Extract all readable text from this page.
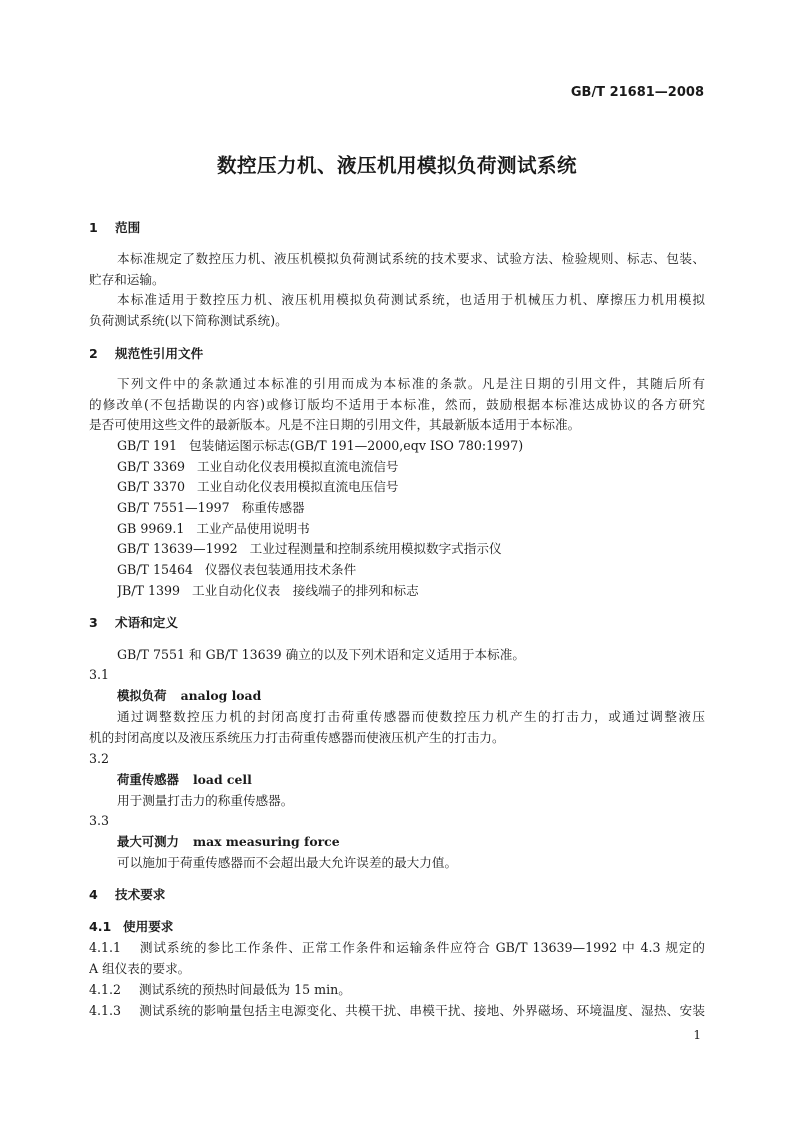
GB/T 21681—2008
数控压力机、液压机用模拟负荷测试系统
1 范围
本标准规定了数控压力机、液压机模拟负荷测试系统的技术要求、试验方法、检验规则、标志、包装、
贮存和运输。
本标准适用于数控压力机、液压机用模拟负荷测试系统，也适用于机械压力机、摩擦压力机用模拟
负荷测试系统(以下简称测试系统)。
2 规范性引用文件
下列文件中的条款通过本标准的引用而成为本标准的条款。凡是注日期的引用文件，其随后所有
的修改单(不包括勘误的内容)或修订版均不适用于本标准，然而，鼓励根据本标准达成协议的各方研究
是否可使用这些文件的最新版本。凡是不注日期的引用文件，其最新版本适用于本标准。
GB/T 191 包装储运图示标志(GB/T 191—2000,eqv ISO 780:1997)
GB/T 3369 工业自动化仪表用模拟直流电流信号
GB/T 3370 工业自动化仪表用模拟直流电压信号
GB/T 7551—1997 称重传感器
GB 9969.1 工业产品使用说明书
GB/T 13639—1992 工业过程测量和控制系统用模拟数字式指示仪
GB/T 15464 仪器仪表包装通用技术条件
JB/T 1399 工业自动化仪表　接线端子的排列和标志
3 术语和定义
GB/T 7551 和 GB/T 13639 确立的以及下列术语和定义适用于本标准。
3.1
模拟负荷 analog load
通过调整数控压力机的封闭高度打击荷重传感器而使数控压力机产生的打击力，或通过调整液压
机的封闭高度以及液压系统压力打击荷重传感器而使液压机产生的打击力。
3.2
荷重传感器 load cell
用于测量打击力的称重传感器。
3.3
最大可测力 max measuring force
可以施加于荷重传感器而不会超出最大允许误差的最大力值。
4 技术要求
4.1 使用要求
4.1.1 测试系统的参比工作条件、正常工作条件和运输条件应符合 GB/T 13639—1992 中 4.3 规定的
A 组仪表的要求。
4.1.2 测试系统的预热时间最低为 15 min。
4.1.3 测试系统的影响量包括主电源变化、共模干扰、串模干扰、接地、外界磁场、环境温度、湿热、安装
1
